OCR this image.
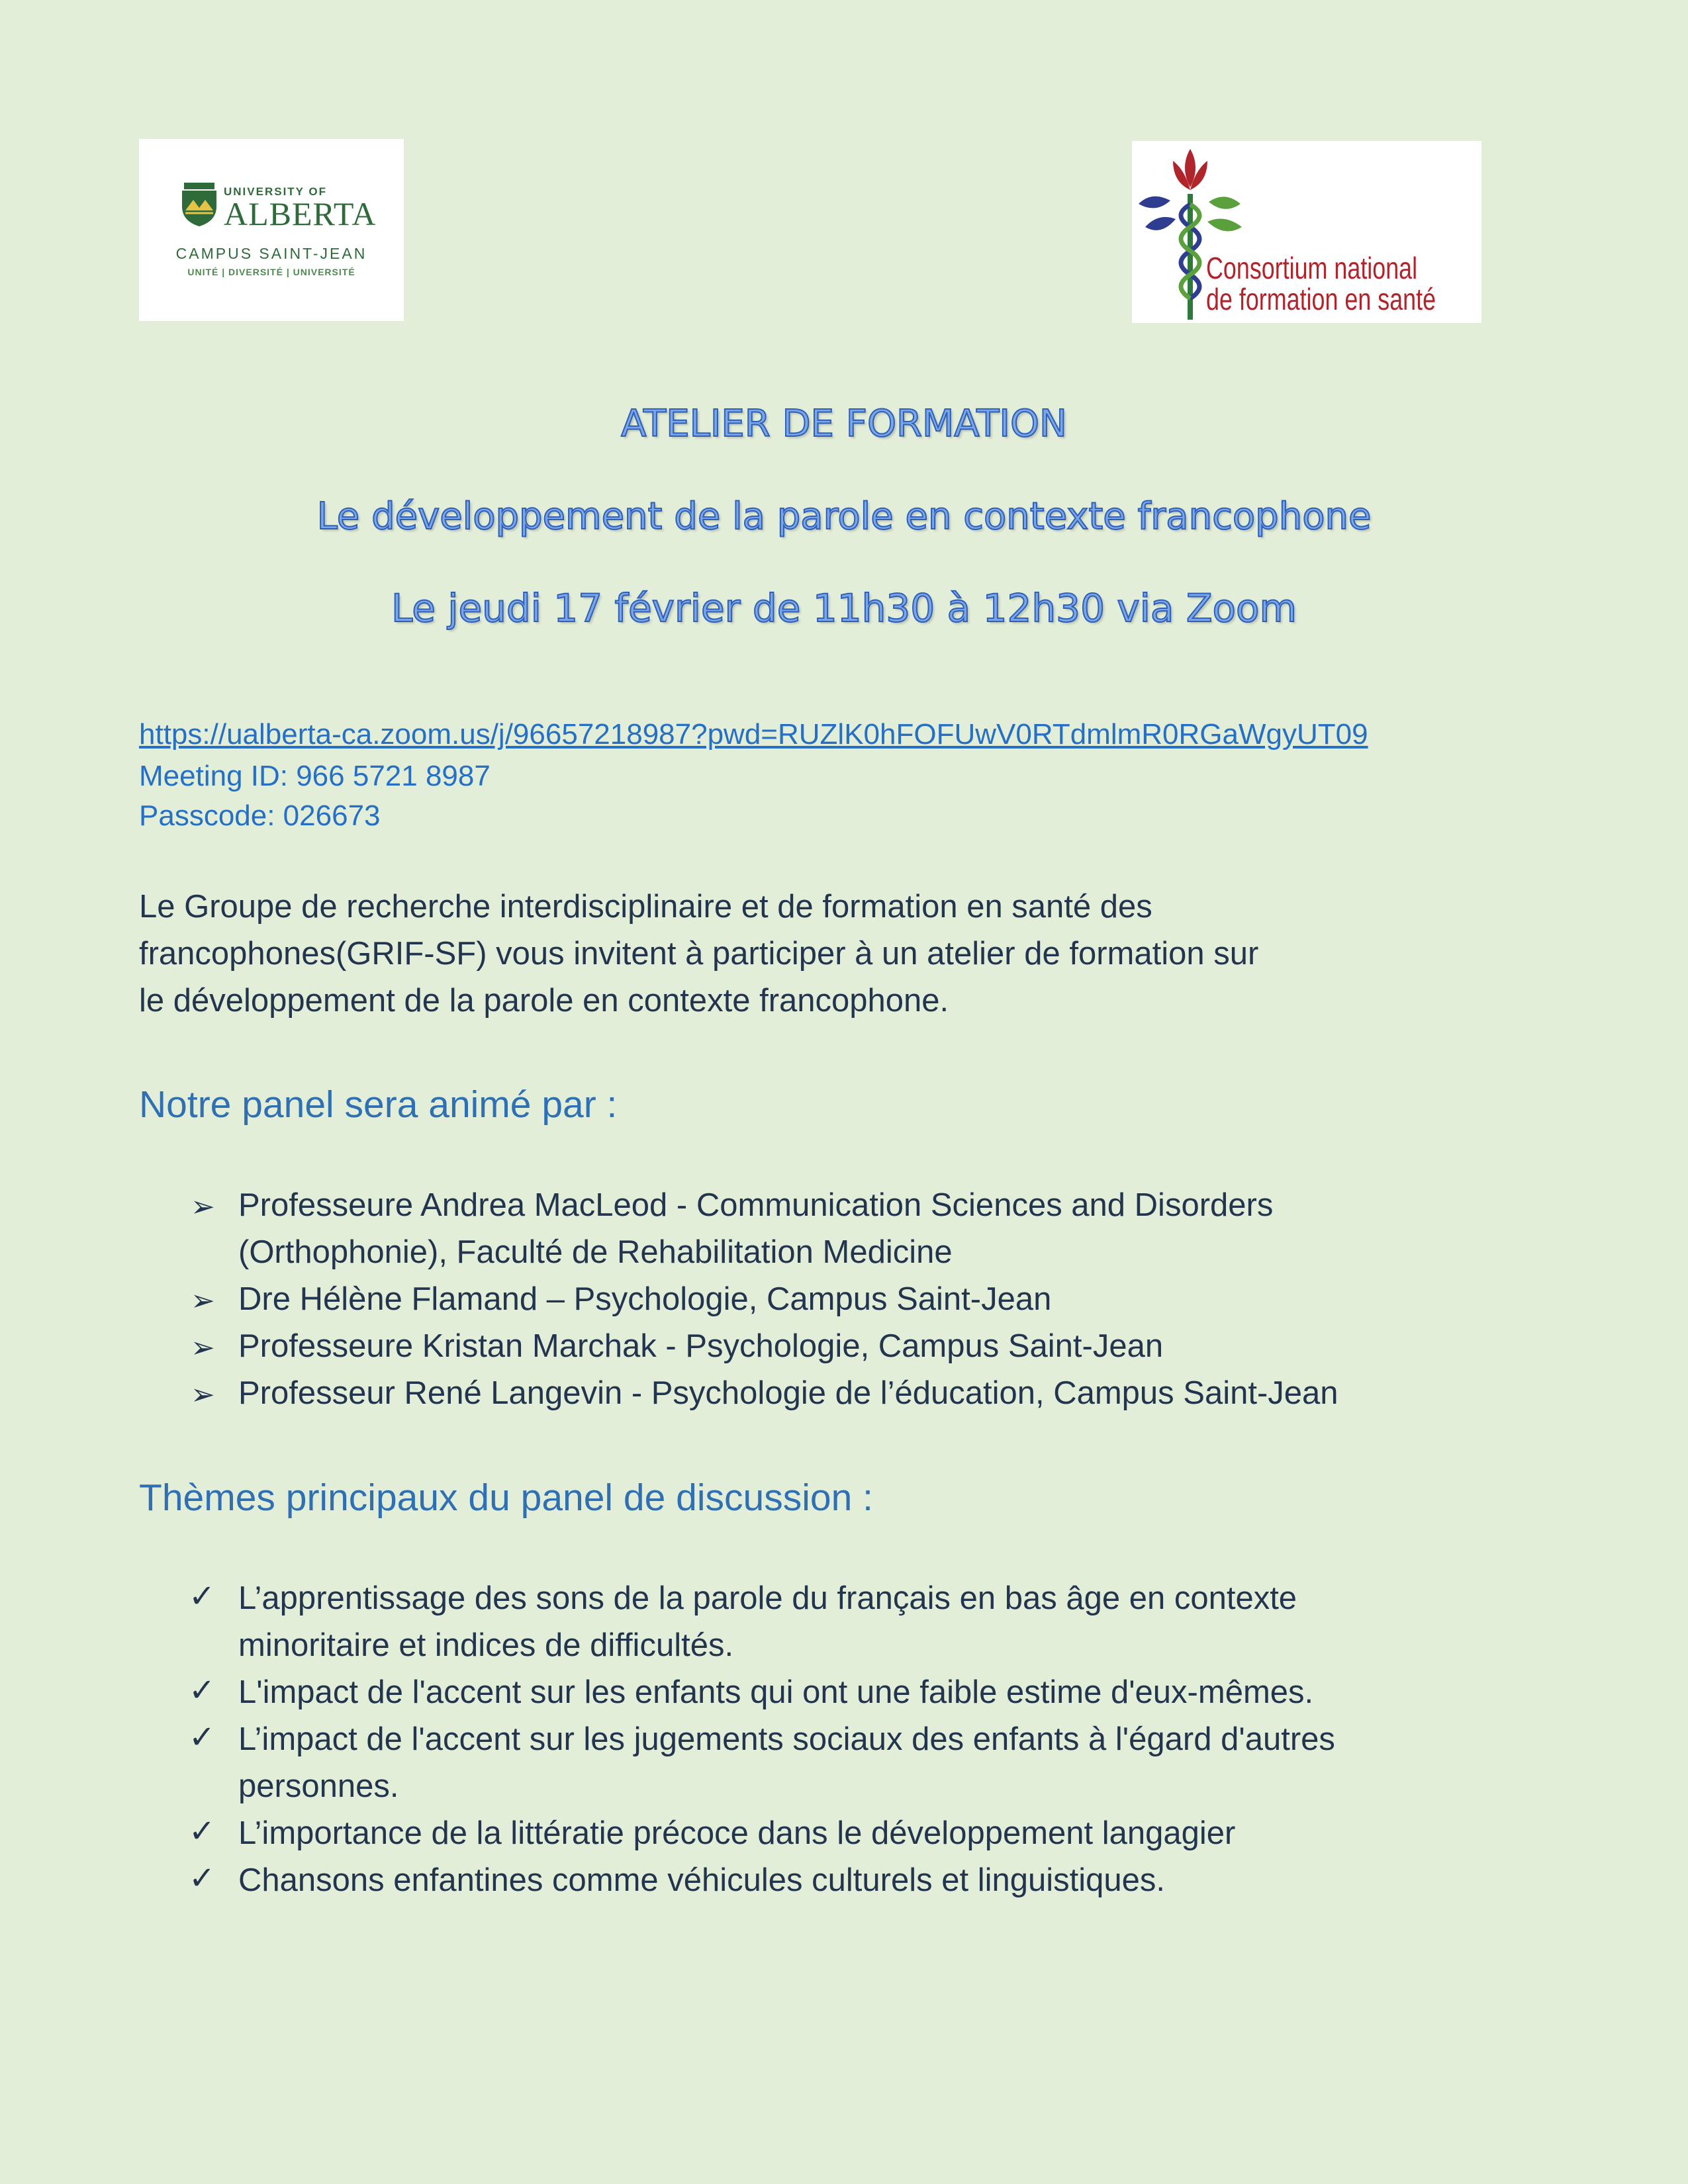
UNIVERSITY OF
ALBERTA
CAMPUS SAINT-JEAN
UNITÉ | DIVERSITÉ | UNIVERSITÉ	Consortium national
de formation en santé
ATELIER DE FORMATION
Le développement de la parole en contexte francophone
Le jeudi 17 février de 11h30 à 12h30 via Zoom
https://ualberta-ca.zoom.us/j/96657218987?pwd=RUZlK0hFOFUwV0RTdmlmR0RGaWgyUT09
Meeting ID: 966 5721 8987
Passcode: 026673
Le Groupe de recherche interdisciplinaire et de formation en santé des
francophones(GRIF-SF) vous invitent à participer à un atelier de formation sur
le développement de la parole en contexte francophone.
Notre panel sera animé par :
➢ Professeure Andrea MacLeod - Communication Sciences and Disorders
(Orthophonie), Faculté de Rehabilitation Medicine
➢ Dre Hélène Flamand – Psychologie, Campus Saint-Jean
➢ Professeure Kristan Marchak - Psychologie, Campus Saint-Jean
➢ Professeur René Langevin - Psychologie de l’éducation, Campus Saint-Jean
Thèmes principaux du panel de discussion :
✓ L’apprentissage des sons de la parole du français en bas âge en contexte
minoritaire et indices de difficultés.
✓ L'impact de l'accent sur les enfants qui ont une faible estime d'eux-mêmes.
✓ L’impact de l'accent sur les jugements sociaux des enfants à l'égard d'autres
personnes.
✓ L’importance de la littératie précoce dans le développement langagier
✓ Chansons enfantines comme véhicules culturels et linguistiques.
